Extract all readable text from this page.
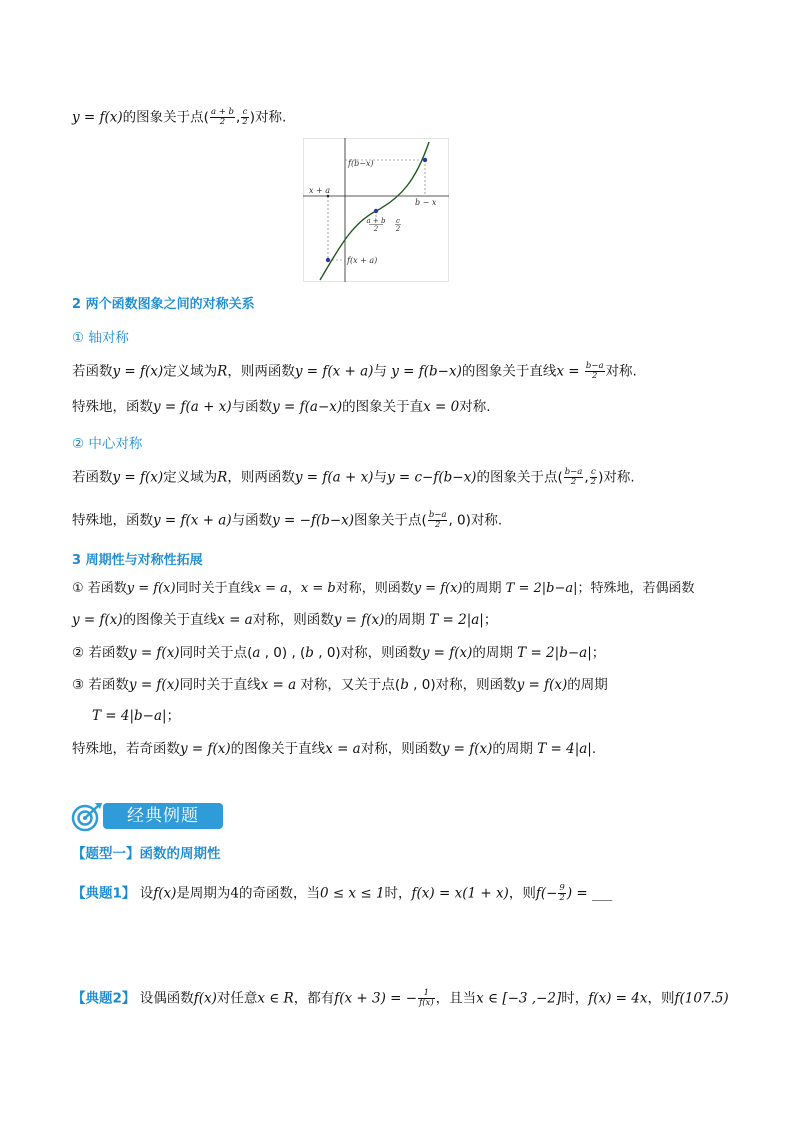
y = f(x)的图象关于点( $\frac{a + b}{2}$ , $\frac{c}{2}$ )对称.
f(b−x)
x + a
b − x
a + b
2
c
2
f(x + a)
2 两个函数图象之间的对称关系
① 轴对称
若函数y = f(x)定义域为R，则两函数y = f(x + a)与 y = f(b−x)的图象关于直线$x = \frac{b-a}{2}$ 对称.
特殊地，函数y = f(a + x)与函数y = f(a−x)的图象关于直x = 0对称.
② 中心对称
若函数y = f(x)定义域为R，则两函数y = f(a + x)与y = c−f(b−x)的图象关于点( $\frac{b-a}{2}$ , $\frac{c}{2}$ )对称.
特殊地，函数y = f(x + a)与函数y = −f(b−x)图象关于点( $\frac{b-a}{2}$ , 0)对称.
3 周期性与对称性拓展
① 若函数y = f(x)同时关于直线x = a，x = b对称，则函数y = f(x)的周期 T = 2|b−a|；特殊地，若偶函数
y = f(x)的图像关于直线x = a对称，则函数y = f(x)的周期 T = 2|a|；
② 若函数y = f(x)同时关于点(a , 0) , (b , 0)对称，则函数y = f(x)的周期 T = 2|b−a|；
③ 若函数y = f(x)同时关于直线x = a 对称，又关于点(b , 0)对称，则函数y = f(x)的周期
T = 4|b−a|；
特殊地，若奇函数y = f(x)的图像关于直线x = a对称，则函数y = f(x)的周期 T = 4|a|.
经典例题
【题型一】函数的周期性
【典题1】 设f(x)是周期为4的奇函数，当0 ≤ x ≤ 1时，f(x) = x(1 + x)，则$f(- \frac{9}{2}$ ) = ___
【典题2】 设偶函数f(x)对任意x ∈ R，都有f(x + 3) = − $\frac{1}{f(x)}$ ，且当x ∈ [−3 ,−2]时，f(x) = 4x，则f(107.5)
